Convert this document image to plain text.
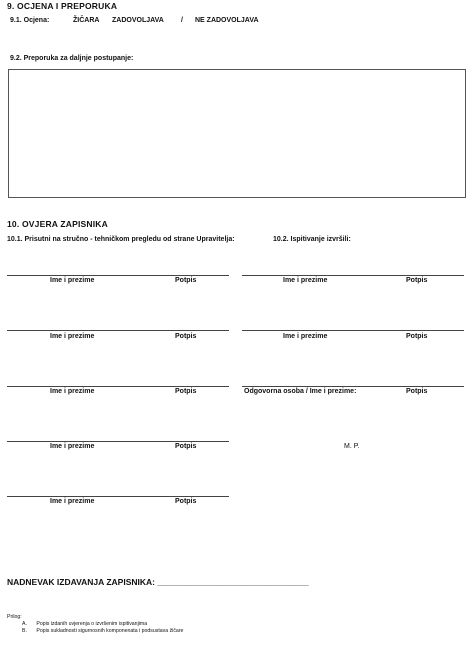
9. OCJENA I PREPORUKA
9.1. Ocjena:	ŽIČARA ZADOVOLJAVA / NE ZADOVOLJAVA
9.2. Preporuka za daljnje postupanje:
10. OVJERA ZAPISNIKA
10.1. Prisutni na stručno - tehničkom pregledu od strane Upravitelja:	10.2. Ispitivanje izvršili:
Ime i prezime	Potpis
Ime i prezime	Potpis
Ime i prezime	Potpis
Ime i prezime	Potpis
Ime i prezime	Potpis
Ime i prezime	Potpis
Ime i prezime	Potpis
Odgovorna osoba / Ime i prezime:	Potpis
M. P.
NADNEVAK IZDAVANJA ZAPISNIKA: ________________________________
Prilog:
A. Popis izdanih uvjerenja o izvršenim ispitivanjima
B. Popis sukladnosti sigurnosnih komponenata i podsustava žičare
